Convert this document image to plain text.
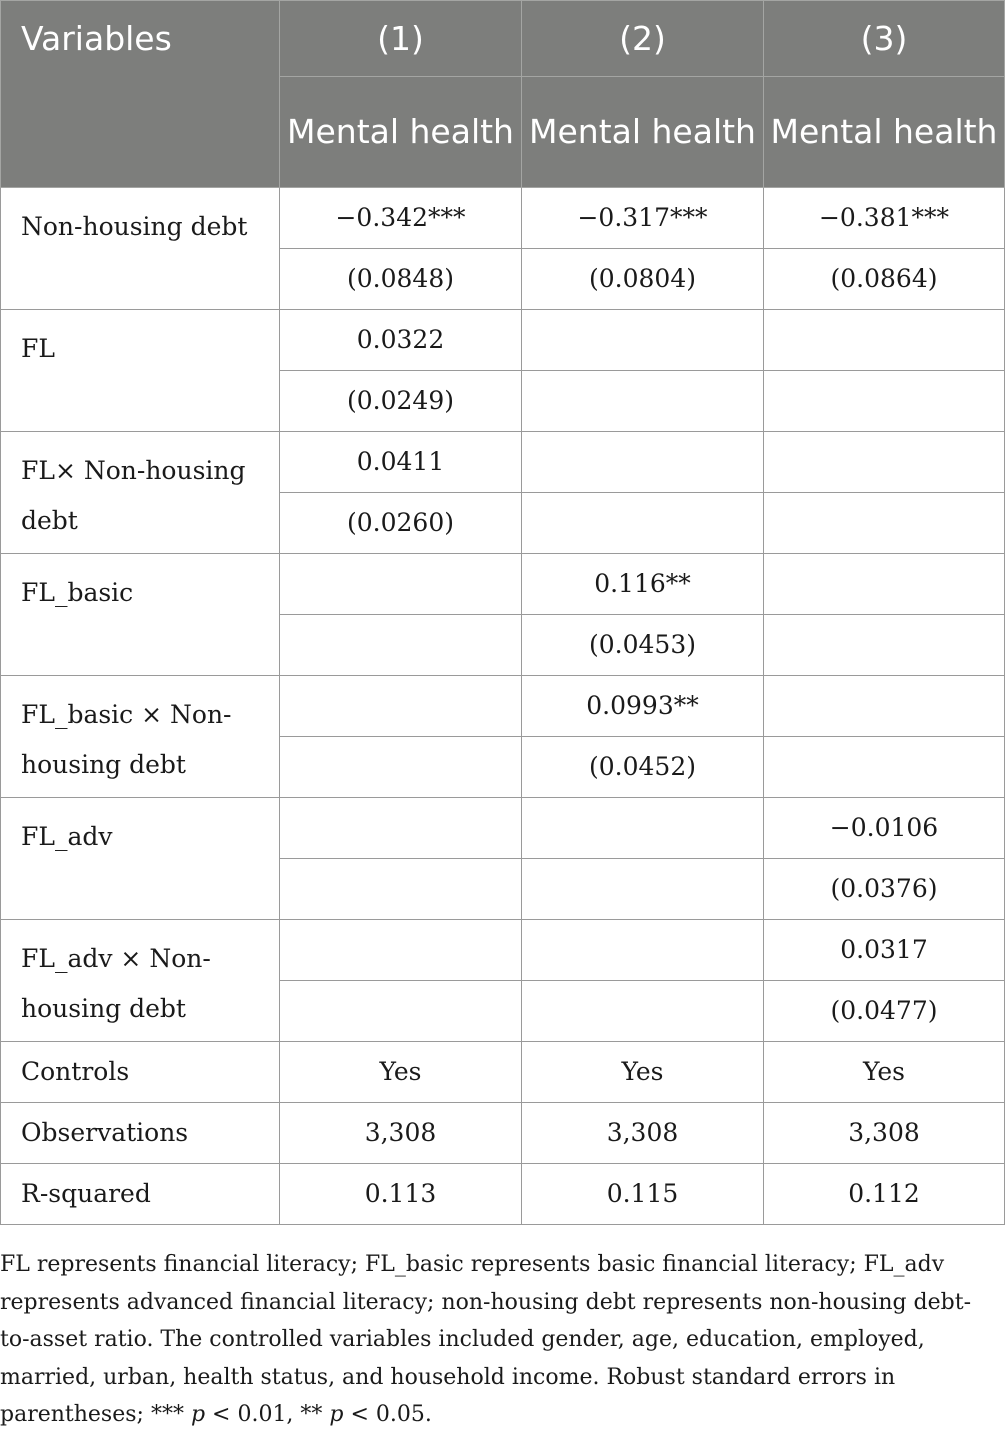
Variables	(1)	(2)	(3)
	Mental health	Mental health	Mental health
Non-housing debt	−0.342***	−0.317***	−0.381***
	(0.0848)	(0.0804)	(0.0864)
FL	0.0322		
	(0.0249)		
FL× Non-housing debt	0.0411		
	(0.0260)		
FL_basic		0.116**	
		(0.0453)	
FL_basic × Non-housing debt		0.0993**	
		(0.0452)	
FL_adv			−0.0106
			(0.0376)
FL_adv × Non-housing debt			0.0317
			(0.0477)
Controls	Yes	Yes	Yes
Observations	3,308	3,308	3,308
R-squared	0.113	0.115	0.112

FL represents financial literacy; FL_basic represents basic financial literacy; FL_adv represents advanced financial literacy; non-housing debt represents non-housing debt-to-asset ratio. The controlled variables included gender, age, education, employed, married, urban, health status, and household income. Robust standard errors in parentheses; *** p < 0.01, ** p < 0.05.
